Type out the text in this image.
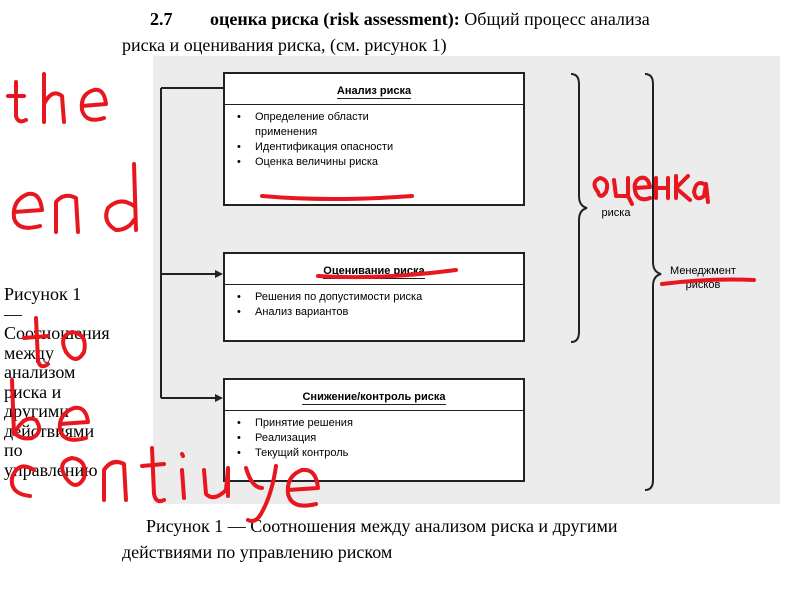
2.7 оценка риска (risk assessment): Общий процесс анализа
риска и оценивания риска, (см. рисунок 1)
Анализ риска
• Определение области применения
• Идентификация опасности
• Оценка величины риска
Оценивание риска
• Решения по допустимости риска
• Анализ вариантов
Снижение/контроль риска
• Принятие решения
• Реализация
• Текущий контроль
риска
Менеджмент
рисков
Рисунок 1 — Соотношения между анализом риска и другими
действиями по управлению риском
Рисунок 1 — Соотношения между анализом риска и другими действиями по управлению
